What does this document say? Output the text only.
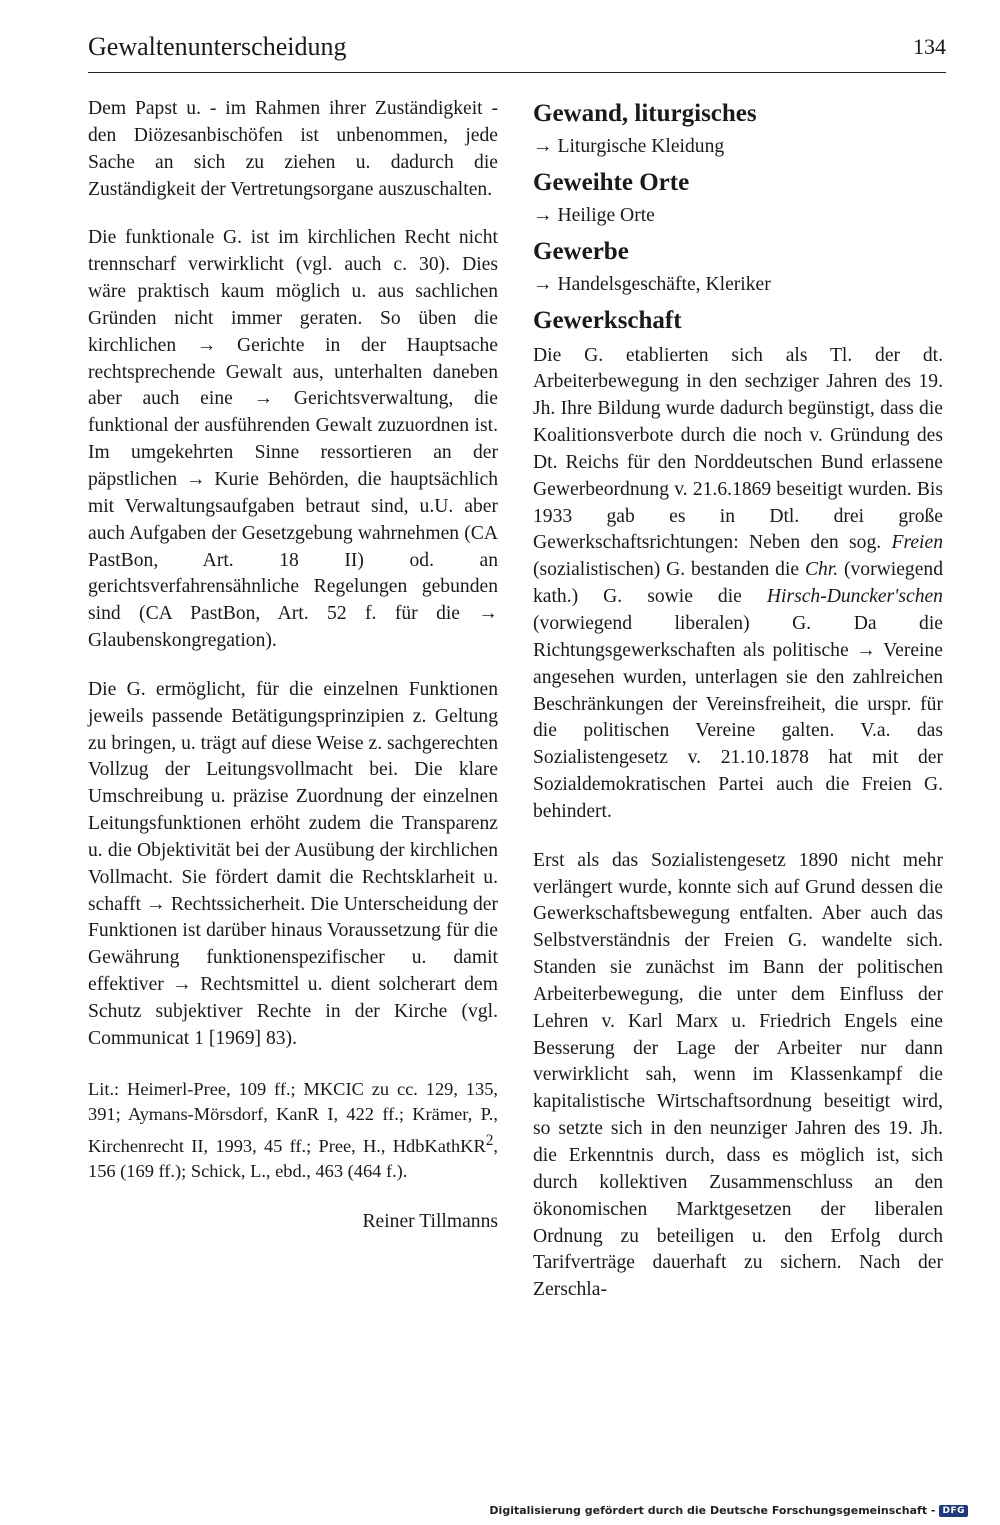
Gewaltenunterscheidung	134

Dem Papst u. - im Rahmen ihrer Zuständigkeit - den Diözesanbischöfen ist unbenommen, jede Sache an sich zu ziehen u. dadurch die Zuständigkeit der Vertretungsorgane auszuschalten.

Die funktionale G. ist im kirchlichen Recht nicht trennscharf verwirklicht (vgl. auch c. 30). Dies wäre praktisch kaum möglich u. aus sachlichen Gründen nicht immer geraten. So üben die kirchlichen → Gerichte in der Hauptsache rechtsprechende Gewalt aus, unterhalten daneben aber auch eine → Gerichtsverwaltung, die funktional der ausführenden Gewalt zuzuordnen ist. Im umgekehrten Sinne ressortieren an der päpstlichen → Kurie Behörden, die hauptsächlich mit Verwaltungsaufgaben betraut sind, u.U. aber auch Aufgaben der Gesetzgebung wahrnehmen (CA PastBon, Art. 18 II) od. an gerichtsverfahrensähnliche Regelungen gebunden sind (CA PastBon, Art. 52 f. für die → Glaubenskongregation).

Die G. ermöglicht, für die einzelnen Funktionen jeweils passende Betätigungsprinzipien z. Geltung zu bringen, u. trägt auf diese Weise z. sachgerechten Vollzug der Leitungsvollmacht bei. Die klare Umschreibung u. präzise Zuordnung der einzelnen Leitungsfunktionen erhöht zudem die Transparenz u. die Objektivität bei der Ausübung der kirchlichen Vollmacht. Sie fördert damit die Rechtsklarheit u. schafft → Rechtssicherheit. Die Unterscheidung der Funktionen ist darüber hinaus Voraussetzung für die Gewährung funktionenspezifischer u. damit effektiver → Rechtsmittel u. dient solcherart dem Schutz subjektiver Rechte in der Kirche (vgl. Communicat 1 [1969] 83).

Lit.: Heimerl-Pree, 109 ff.; MKCIC zu cc. 129, 135, 391; Aymans-Mörsdorf, KanR I, 422 ff.; Krämer, P., Kirchenrecht II, 1993, 45 ff.; Pree, H., HdbKathKR$^2$, 156 (169 ff.); Schick, L., ebd., 463 (464 f.).

Reiner Tillmanns

Gewand, liturgisches

→ Liturgische Kleidung

Geweihte Orte

→ Heilige Orte

Gewerbe

→ Handelsgeschäfte, Kleriker

Gewerkschaft

Die G. etablierten sich als Tl. der dt. Arbeiterbewegung in den sechziger Jahren des 19. Jh. Ihre Bildung wurde dadurch begünstigt, dass die Koalitionsverbote durch die noch v. Gründung des Dt. Reichs für den Norddeutschen Bund erlassene Gewerbeordnung v. 21.6.1869 beseitigt wurden. Bis 1933 gab es in Dtl. drei große Gewerkschaftsrichtungen: Neben den sog. Freien (sozialistischen) G. bestanden die Chr. (vorwiegend kath.) G. sowie die Hirsch-Duncker'schen (vorwiegend liberalen) G. Da die Richtungsgewerkschaften als politische → Vereine angesehen wurden, unterlagen sie den zahlreichen Beschränkungen der Vereinsfreiheit, die urspr. für die politischen Vereine galten. V.a. das Sozialistengesetz v. 21.10.1878 hat mit der Sozialdemokratischen Partei auch die Freien G. behindert.

Erst als das Sozialistengesetz 1890 nicht mehr verlängert wurde, konnte sich auf Grund dessen die Gewerkschaftsbewegung entfalten. Aber auch das Selbstverständnis der Freien G. wandelte sich. Standen sie zunächst im Bann der politischen Arbeiterbewegung, die unter dem Einfluss der Lehren v. Karl Marx u. Friedrich Engels eine Besserung der Lage der Arbeiter nur dann verwirklicht sah, wenn im Klassenkampf die kapitalistische Wirtschaftsordnung beseitigt wird, so setzte sich in den neunziger Jahren des 19. Jh. die Erkenntnis durch, dass es möglich ist, sich durch kollektiven Zusammenschluss an den ökonomischen Marktgesetzen der liberalen Ordnung zu beteiligen u. den Erfolg durch Tarifverträge dauerhaft zu sichern. Nach der Zerschla-

Digitalisierung gefördert durch die Deutsche Forschungsgemeinschaft - DFG
